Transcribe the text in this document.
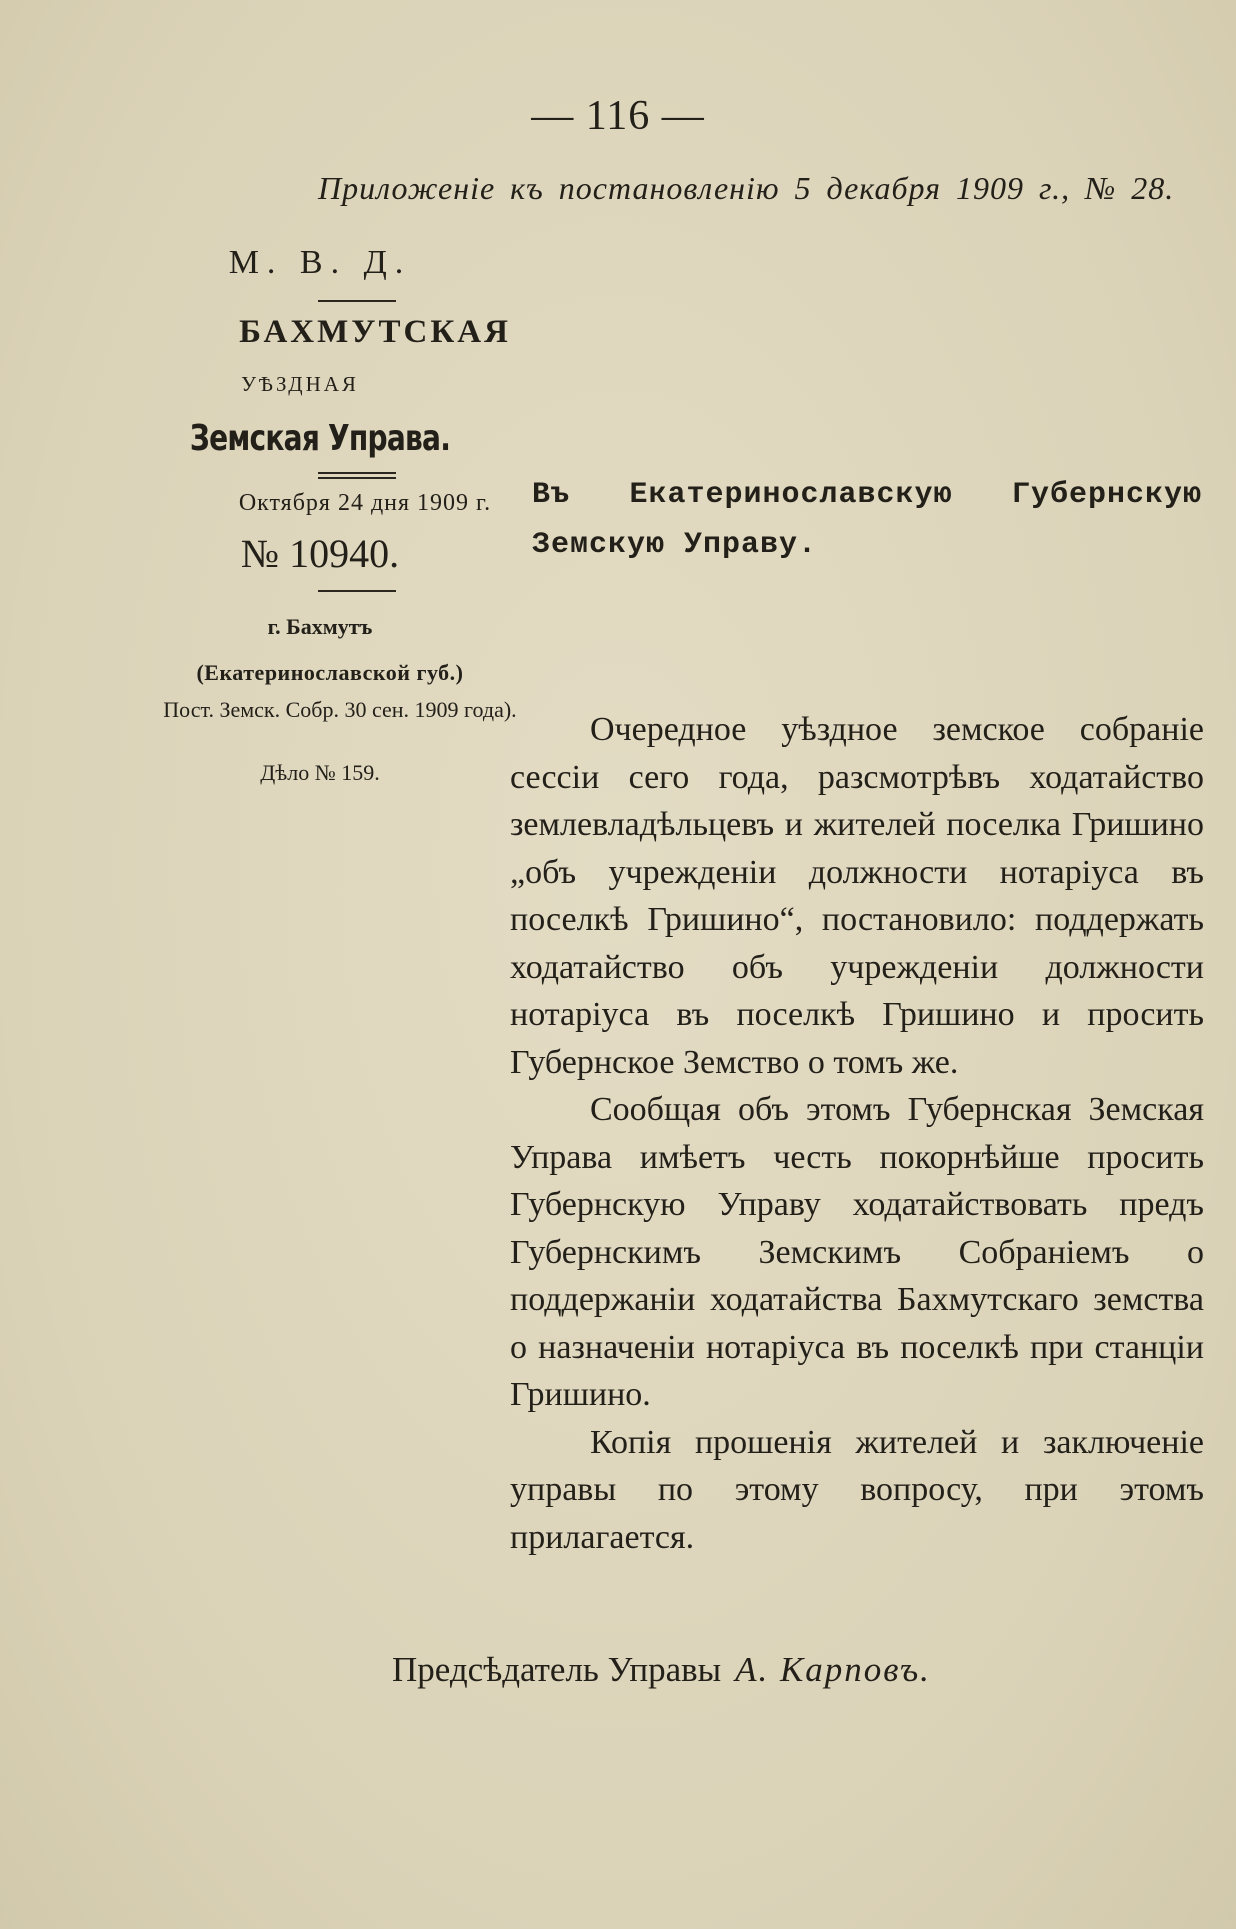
— 116 —
Приложенiе къ постановленiю 5 декабря 1909 г., № 28.
М. В. Д.
БАХМУТСКАЯ
УѢЗДНАЯ
Земская Управа.
Октября 24 дня 1909 г.
№ 10940.
г. Бахмутъ
(Екатеринославской губ.)
Пост. Земск. Собр. 30 сен. 1909 года).
Дѣло № 159.
Въ Екатеринославскую Губернскую Земскую Управу.

Очередное уѣздное земское собранiе сессiи сего года, разсмотрѣвъ ходатайство землевладѣльцевъ и жителей поселка Гришино „объ учрежденiи должности нотарiуса въ поселкѣ Гришино“, постановило: поддержать ходатайство объ учрежденiи должности нотарiуса въ поселкѣ Гришино и просить Губернское Земство о томъ же.

Сообщая объ этомъ Губернская Земская Управа имѣетъ честь покорнѣйше просить Губернскую Управу ходатайствовать предъ Губернскимъ Земскимъ Собранiемъ о поддержанiи ходатайства Бахмутскаго земства о назначенiи нотарiуса въ поселкѣ при станцiи Гришино.

Копiя прошенiя жителей и заключенiе управы по этому вопросу, при этомъ прилагается.

Предсѣдатель Управы А. Карповъ.
